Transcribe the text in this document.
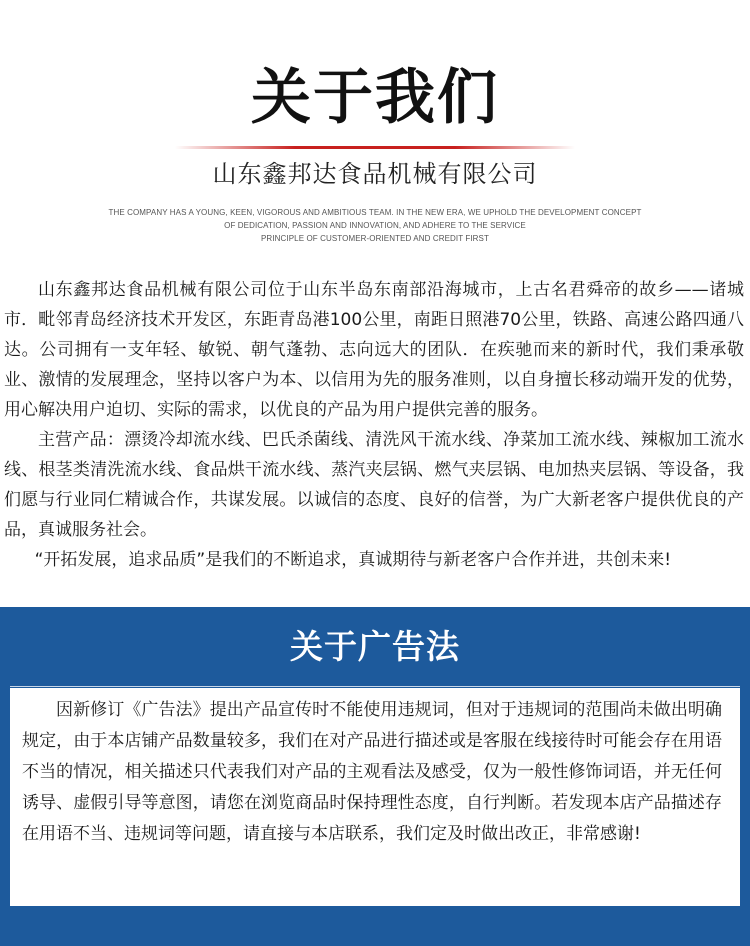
关于我们
山东鑫邦达食品机械有限公司
THE COMPANY HAS A YOUNG, KEEN, VIGOROUS AND AMBITIOUS TEAM. IN THE NEW ERA, WE UPHOLD THE DEVELOPMENT CONCEPT
OF DEDICATION, PASSION AND INNOVATION, AND ADHERE TO THE SERVICE
PRINCIPLE OF CUSTOMER-ORIENTED AND CREDIT FIRST

山东鑫邦达食品机械有限公司位于山东半岛东南部沿海城市，上古名君舜帝的故乡——诸城市．毗邻青岛经济技术开发区，东距青岛港100公里，南距日照港70公里，铁路、高速公路四通八达。公司拥有一支年轻、敏锐、朝气蓬勃、志向远大的团队．在疾驰而来的新时代，我们秉承敬业、激情的发展理念，坚持以客户为本、以信用为先的服务准则，以自身擅长移动端开发的优势，用心解决用户迫切、实际的需求，以优良的产品为用户提供完善的服务。

主营产品：漂烫冷却流水线、巴氏杀菌线、清洗风干流水线、净菜加工流水线、辣椒加工流水线、根茎类清洗流水线、食品烘干流水线、蒸汽夹层锅、燃气夹层锅、电加热夹层锅、等设备，我们愿与行业同仁精诚合作，共谋发展。以诚信的态度、良好的信誉，为广大新老客户提供优良的产品，真诚服务社会。

“开拓发展，追求品质”是我们的不断追求，真诚期待与新老客户合作并进，共创未来!

关于广告法

因新修订《广告法》提出产品宣传时不能使用违规词，但对于违规词的范围尚未做出明确规定，由于本店铺产品数量较多，我们在对产品进行描述或是客服在线接待时可能会存在用语不当的情况，相关描述只代表我们对产品的主观看法及感受，仅为一般性修饰词语，并无任何诱导、虚假引导等意图，请您在浏览商品时保持理性态度，自行判断。若发现本店产品描述存在用语不当、违规词等问题，请直接与本店联系，我们定及时做出改正，非常感谢!
